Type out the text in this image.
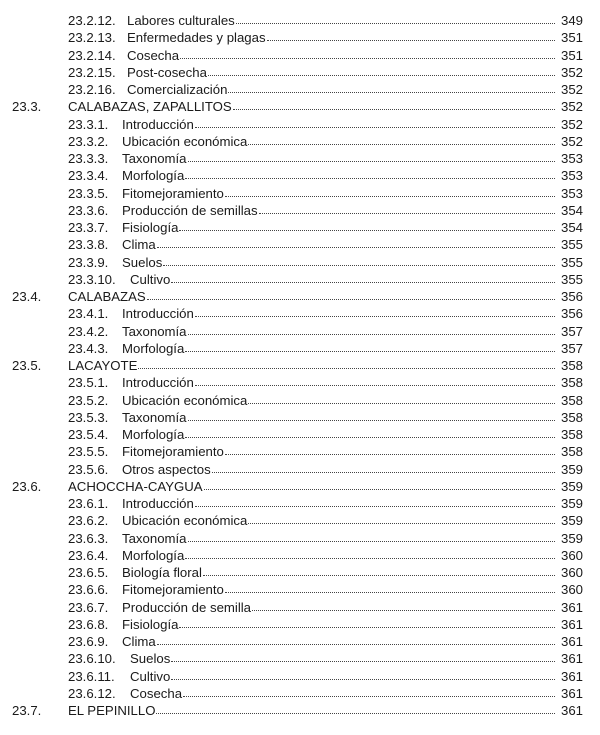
23.2.12. Labores culturales	349
23.2.13. Enfermedades y plagas	351
23.2.14. Cosecha	351
23.2.15. Post-cosecha	352
23.2.16. Comercialización	352
23.3. CALABAZAS, ZAPALLITOS	352
23.3.1. Introducción	352
23.3.2. Ubicación económica	352
23.3.3. Taxonomía	353
23.3.4. Morfología	353
23.3.5. Fitomejoramiento	353
23.3.6. Producción de semillas	354
23.3.7. Fisiología	354
23.3.8. Clima	355
23.3.9. Suelos	355
23.3.10. Cultivo	355
23.4. CALABAZAS	356
23.4.1. Introducción	356
23.4.2. Taxonomía	357
23.4.3. Morfología	357
23.5. LACAYOTE	358
23.5.1. Introducción	358
23.5.2. Ubicación económica	358
23.5.3. Taxonomía	358
23.5.4. Morfología	358
23.5.5. Fitomejoramiento	358
23.5.6. Otros aspectos	359
23.6. ACHOCCHA-CAYGUA	359
23.6.1. Introducción	359
23.6.2. Ubicación económica	359
23.6.3. Taxonomía	359
23.6.4. Morfología	360
23.6.5. Biología floral	360
23.6.6. Fitomejoramiento	360
23.6.7. Producción de semilla	361
23.6.8. Fisiología	361
23.6.9. Clima	361
23.6.10. Suelos	361
23.6.11. Cultivo	361
23.6.12. Cosecha	361
23.7. EL PEPINILLO	361
